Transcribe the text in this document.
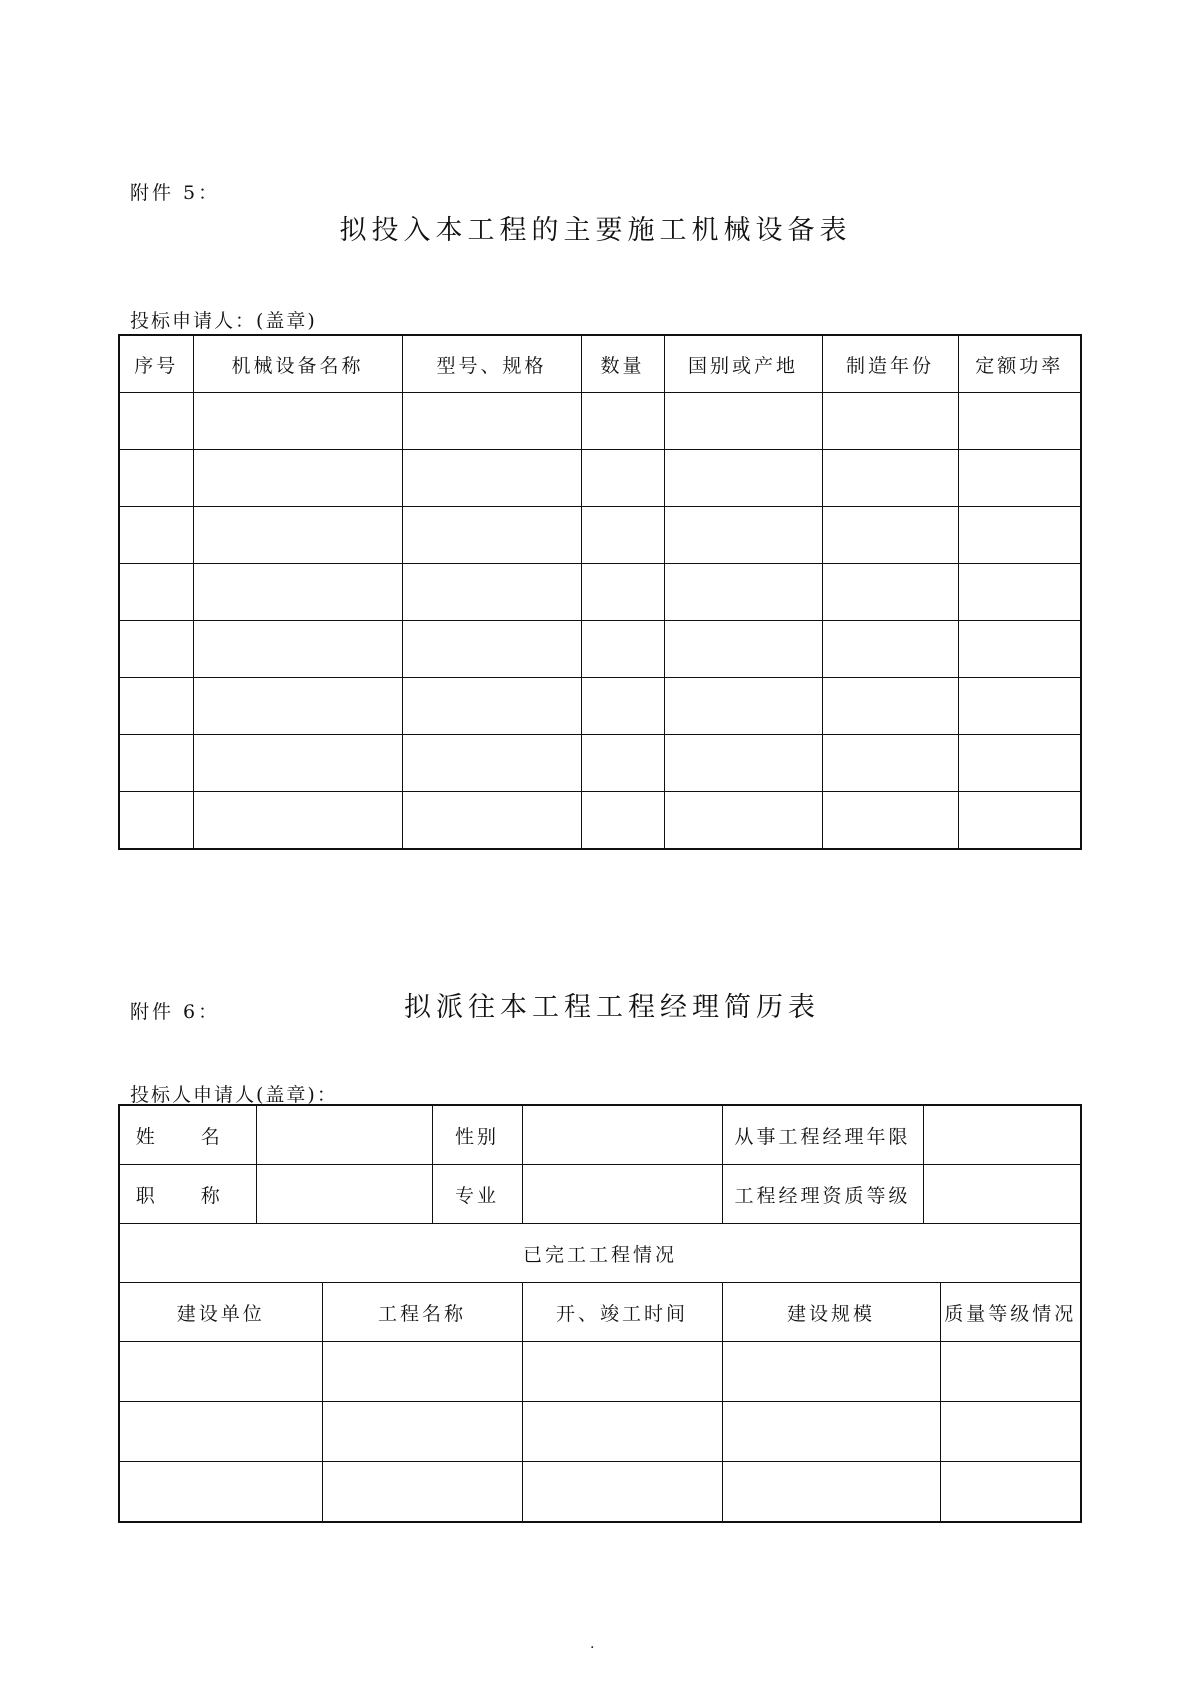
附件 5：
拟投入本工程的主要施工机械设备表
投标申请人：(盖章)
序号	机械设备名称	型号、规格	数量	国别或产地	制造年份	定额功率

附件 6：	拟派往本工程工程经理简历表
投标人申请人(盖章)：
姓 名			性别		从事工程经理年限		
职 称			专业		工程经理资质等级		
已完工工程情况							
建设单位		工程名称		开、竣工时间	建设规模		质量等级情况

.
